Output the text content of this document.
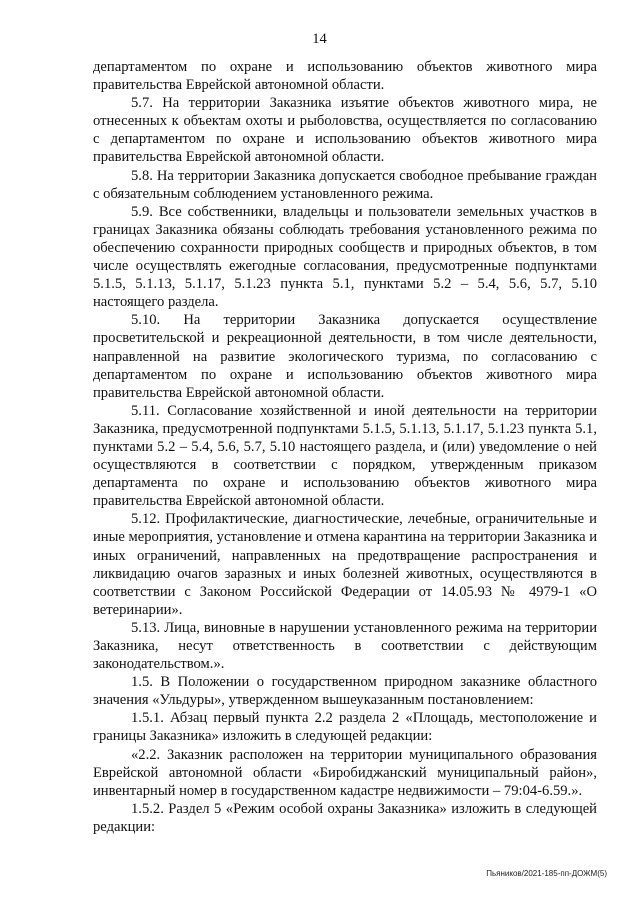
14

департаментом по охране и использованию объектов животного мира правительства Еврейской автономной области.

5.7. На территории Заказника изъятие объектов животного мира, не отнесенных к объектам охоты и рыболовства, осуществляется по согласованию с департаментом по охране и использованию объектов животного мира правительства Еврейской автономной области.

5.8. На территории Заказника допускается свободное пребывание граждан с обязательным соблюдением установленного режима.

5.9. Все собственники, владельцы и пользователи земельных участков в границах Заказника обязаны соблюдать требования установленного режима по обеспечению сохранности природных сообществ и природных объектов, в том числе осуществлять ежегодные согласования, предусмотренные подпунктами 5.1.5, 5.1.13, 5.1.17, 5.1.23 пункта 5.1, пунктами 5.2 – 5.4, 5.6, 5.7, 5.10 настоящего раздела.

5.10. На территории Заказника допускается осуществление просветительской и рекреационной деятельности, в том числе деятельности, направленной на развитие экологического туризма, по согласованию с департаментом по охране и использованию объектов животного мира правительства Еврейской автономной области.

5.11. Согласование хозяйственной и иной деятельности на территории Заказника, предусмотренной подпунктами 5.1.5, 5.1.13, 5.1.17, 5.1.23 пункта 5.1, пунктами 5.2 – 5.4, 5.6, 5.7, 5.10 настоящего раздела, и (или) уведомление о ней осуществляются в соответствии с порядком, утвержденным приказом департамента по охране и использованию объектов животного мира правительства Еврейской автономной области.

5.12. Профилактические, диагностические, лечебные, ограничительные и иные мероприятия, установление и отмена карантина на территории Заказника и иных ограничений, направленных на предотвращение распространения и ликвидацию очагов заразных и иных болезней животных, осуществляются в соответствии с Законом Российской Федерации от 14.05.93 № 4979-1 «О ветеринарии».

5.13. Лица, виновные в нарушении установленного режима на территории Заказника, несут ответственность в соответствии с действующим законодательством.».

1.5. В Положении о государственном природном заказнике областного значения «Ульдуры», утвержденном вышеуказанным постановлением:

1.5.1. Абзац первый пункта 2.2 раздела 2 «Площадь, местоположение и границы Заказника» изложить в следующей редакции:

«2.2. Заказник расположен на территории муниципального образования Еврейской автономной области «Биробиджанский муниципальный район», инвентарный номер в государственном кадастре недвижимости – 79:04-6.59.».

1.5.2. Раздел 5 «Режим особой охраны Заказника» изложить в следующей редакции:

Пьяников/2021-185-пп-ДОЖМ(5)
